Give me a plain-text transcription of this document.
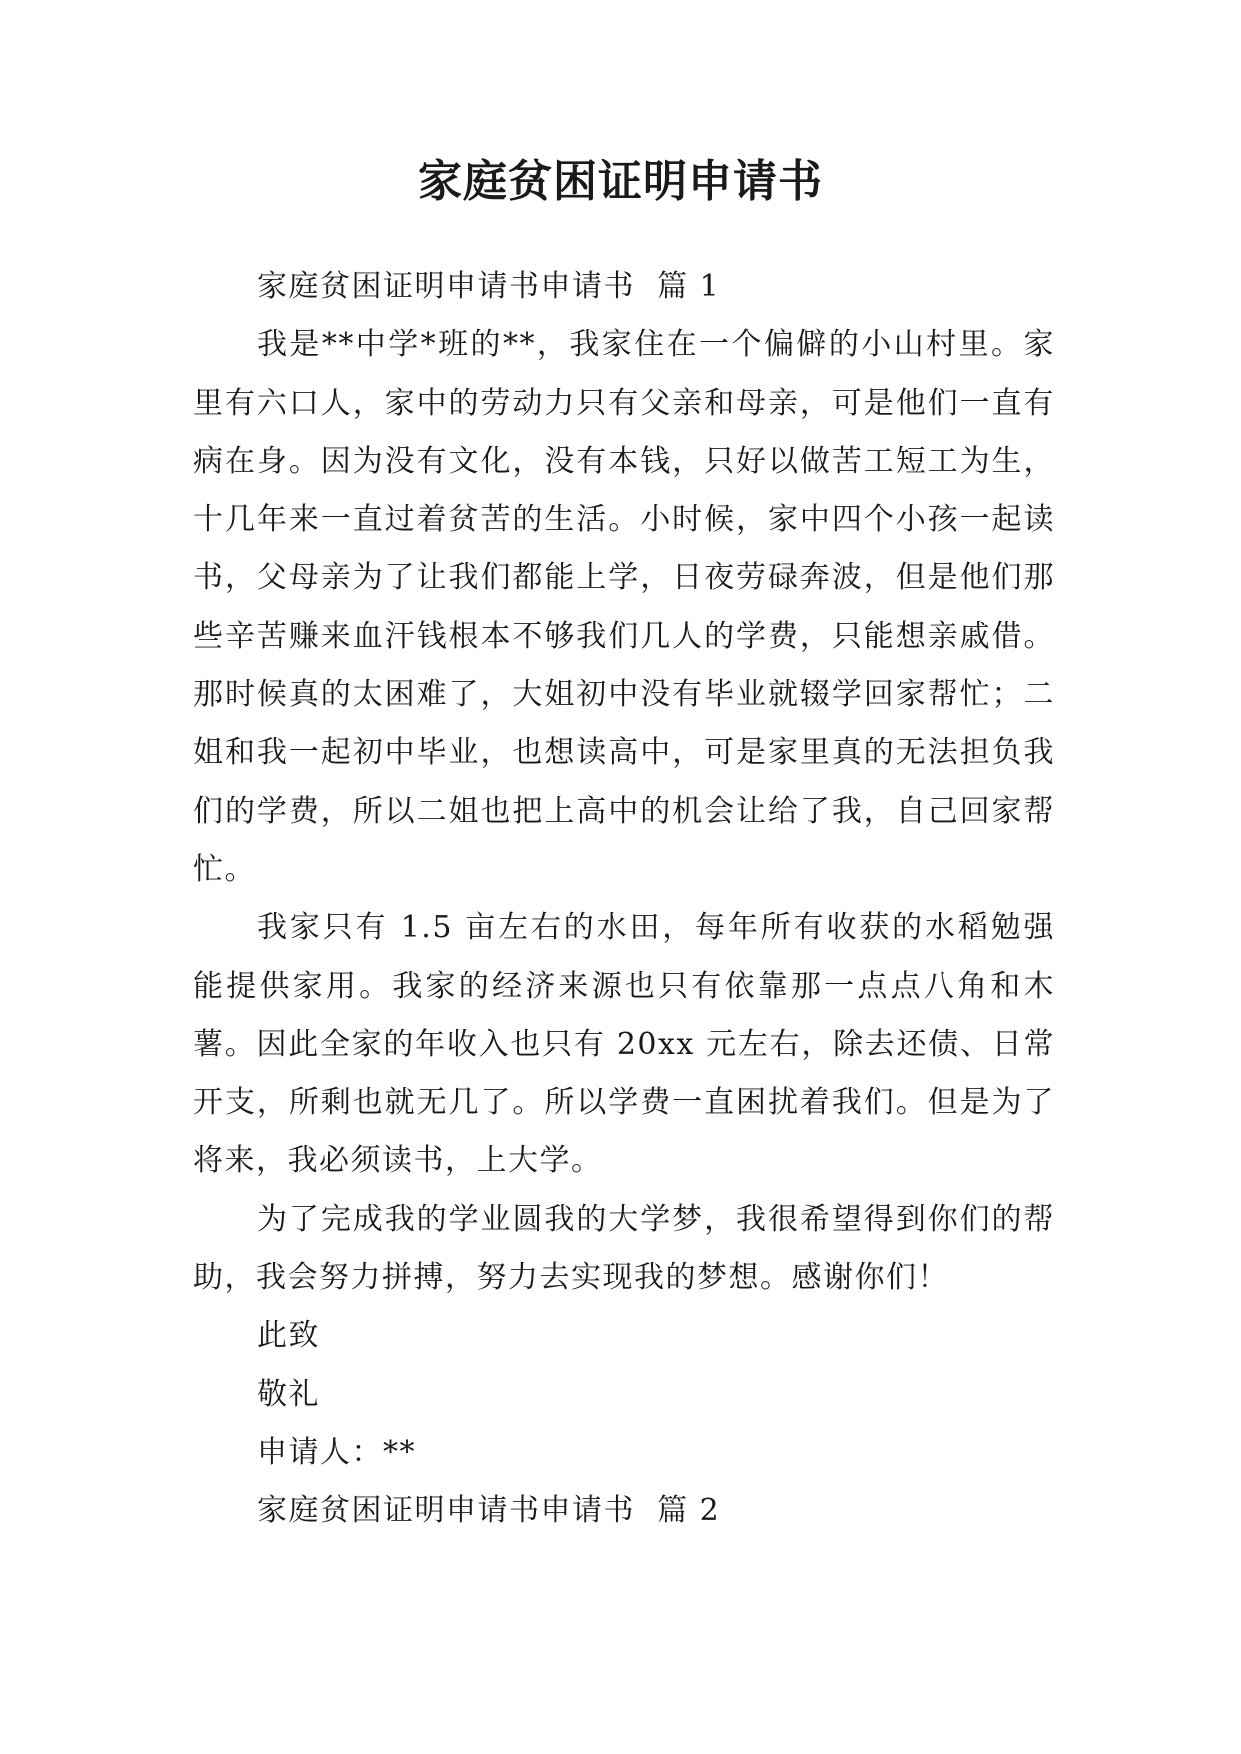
家庭贫困证明申请书

家庭贫困证明申请书申请书  篇 1

我是**中学*班的**，我家住在一个偏僻的小山村里。家里有六口人，家中的劳动力只有父亲和母亲，可是他们一直有病在身。因为没有文化，没有本钱，只好以做苦工短工为生，十几年来一直过着贫苦的生活。小时候，家中四个小孩一起读书，父母亲为了让我们都能上学，日夜劳碌奔波，但是他们那些辛苦赚来血汗钱根本不够我们几人的学费，只能想亲戚借。那时候真的太困难了，大姐初中没有毕业就辍学回家帮忙；二姐和我一起初中毕业，也想读高中，可是家里真的无法担负我们的学费，所以二姐也把上高中的机会让给了我，自己回家帮忙。

我家只有 1.5 亩左右的水田，每年所有收获的水稻勉强能提供家用。我家的经济来源也只有依靠那一点点八角和木薯。因此全家的年收入也只有 20xx 元左右，除去还债、日常开支，所剩也就无几了。所以学费一直困扰着我们。但是为了将来，我必须读书，上大学。

为了完成我的学业圆我的大学梦，我很希望得到你们的帮助，我会努力拼搏，努力去实现我的梦想。感谢你们！

此致

敬礼

申请人：**

家庭贫困证明申请书申请书  篇 2
